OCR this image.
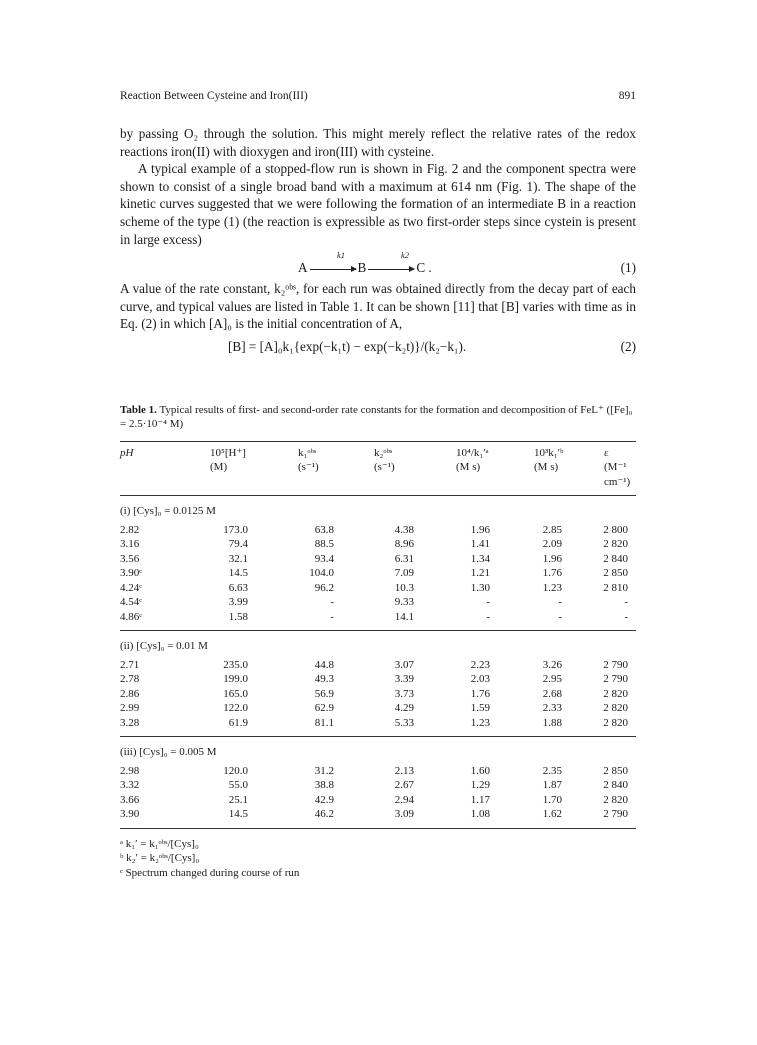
Reaction Between Cysteine and Iron(III)	891

by passing O₂ through the solution. This might merely reflect the relative rates of the redox reactions iron(II) with dioxygen and iron(III) with cysteine.

A typical example of a stopped-flow run is shown in Fig. 2 and the component spectra were shown to consist of a single broad band with a maximum at 614 nm (Fig. 1). The shape of the kinetic curves suggested that we were following the formation of an intermediate B in a reaction scheme of the type (1) (the reaction is expressible as two first-order steps since cystein is present in large excess)

k1	k2
A	B	C .	(1)

A value of the rate constant, k₂ᵒᵇˢ, for each run was obtained directly from the decay part of each curve, and typical values are listed in Table 1. It can be shown [11] that [B] varies with time as in Eq. (2) in which [A]₀ is the initial concentration of A,

[B] = [A]₀k₁{exp(−k₁t) − exp(−k₂t)}/(k₂−k₁).	(2)
Table 1. Typical results of first- and second-order rate constants for the formation and decomposition of FeL⁺ ([Fe]₀ = 2.5·10⁻⁴ M)

pH	10⁵[H⁺]	k₁ᵒᵇˢ	k₂ᵒᵇˢ	10⁴/k₁′ᵃ	10³k₁′ᵇ	ε
	(M)	(s⁻¹)	(s⁻¹)	(M s)	(M s)	(M⁻¹ cm⁻¹)

(i) [Cys]₀ = 0.0125 M						
2.82	173.0	63.8	4.38	1.96	2.85	2 800
3.16	79.4	88.5	8.96	1.41	2.09	2 820
3.56	32.1	93.4	6.31	1.34	1.96	2 840
3.90ᶜ	14.5	104.0	7.09	1.21	1.76	2 850
4.24ᶜ	6.63	96.2	10.3	1.30	1.23	2 810
4.54ᶜ	3.99	-	9.33	-	-	-
4.86ᶜ	1.58	-	14.1	-	-	-

(ii) [Cys]₀ = 0.01 M						
2.71	235.0	44.8	3.07	2.23	3.26	2 790
2.78	199.0	49.3	3.39	2.03	2.95	2 790
2.86	165.0	56.9	3.73	1.76	2.68	2 820
2.99	122.0	62.9	4.29	1.59	2.33	2 820
3.28	61.9	81.1	5.33	1.23	1.88	2 820

(iii) [Cys]₀ = 0.005 M						
2.98	120.0	31.2	2.13	1.60	2.35	2 850
3.32	55.0	38.8	2.67	1.29	1.87	2 840
3.66	25.1	42.9	2.94	1.17	1.70	2 820
3.90	14.5	46.2	3.09	1.08	1.62	2 790

ᵃ k₁′ = k₁ᵒᵇˢ/[Cys]₀
ᵇ k₂′ = k₂ᵒᵇˢ/[Cys]₀
ᶜ Spectrum changed during course of run
